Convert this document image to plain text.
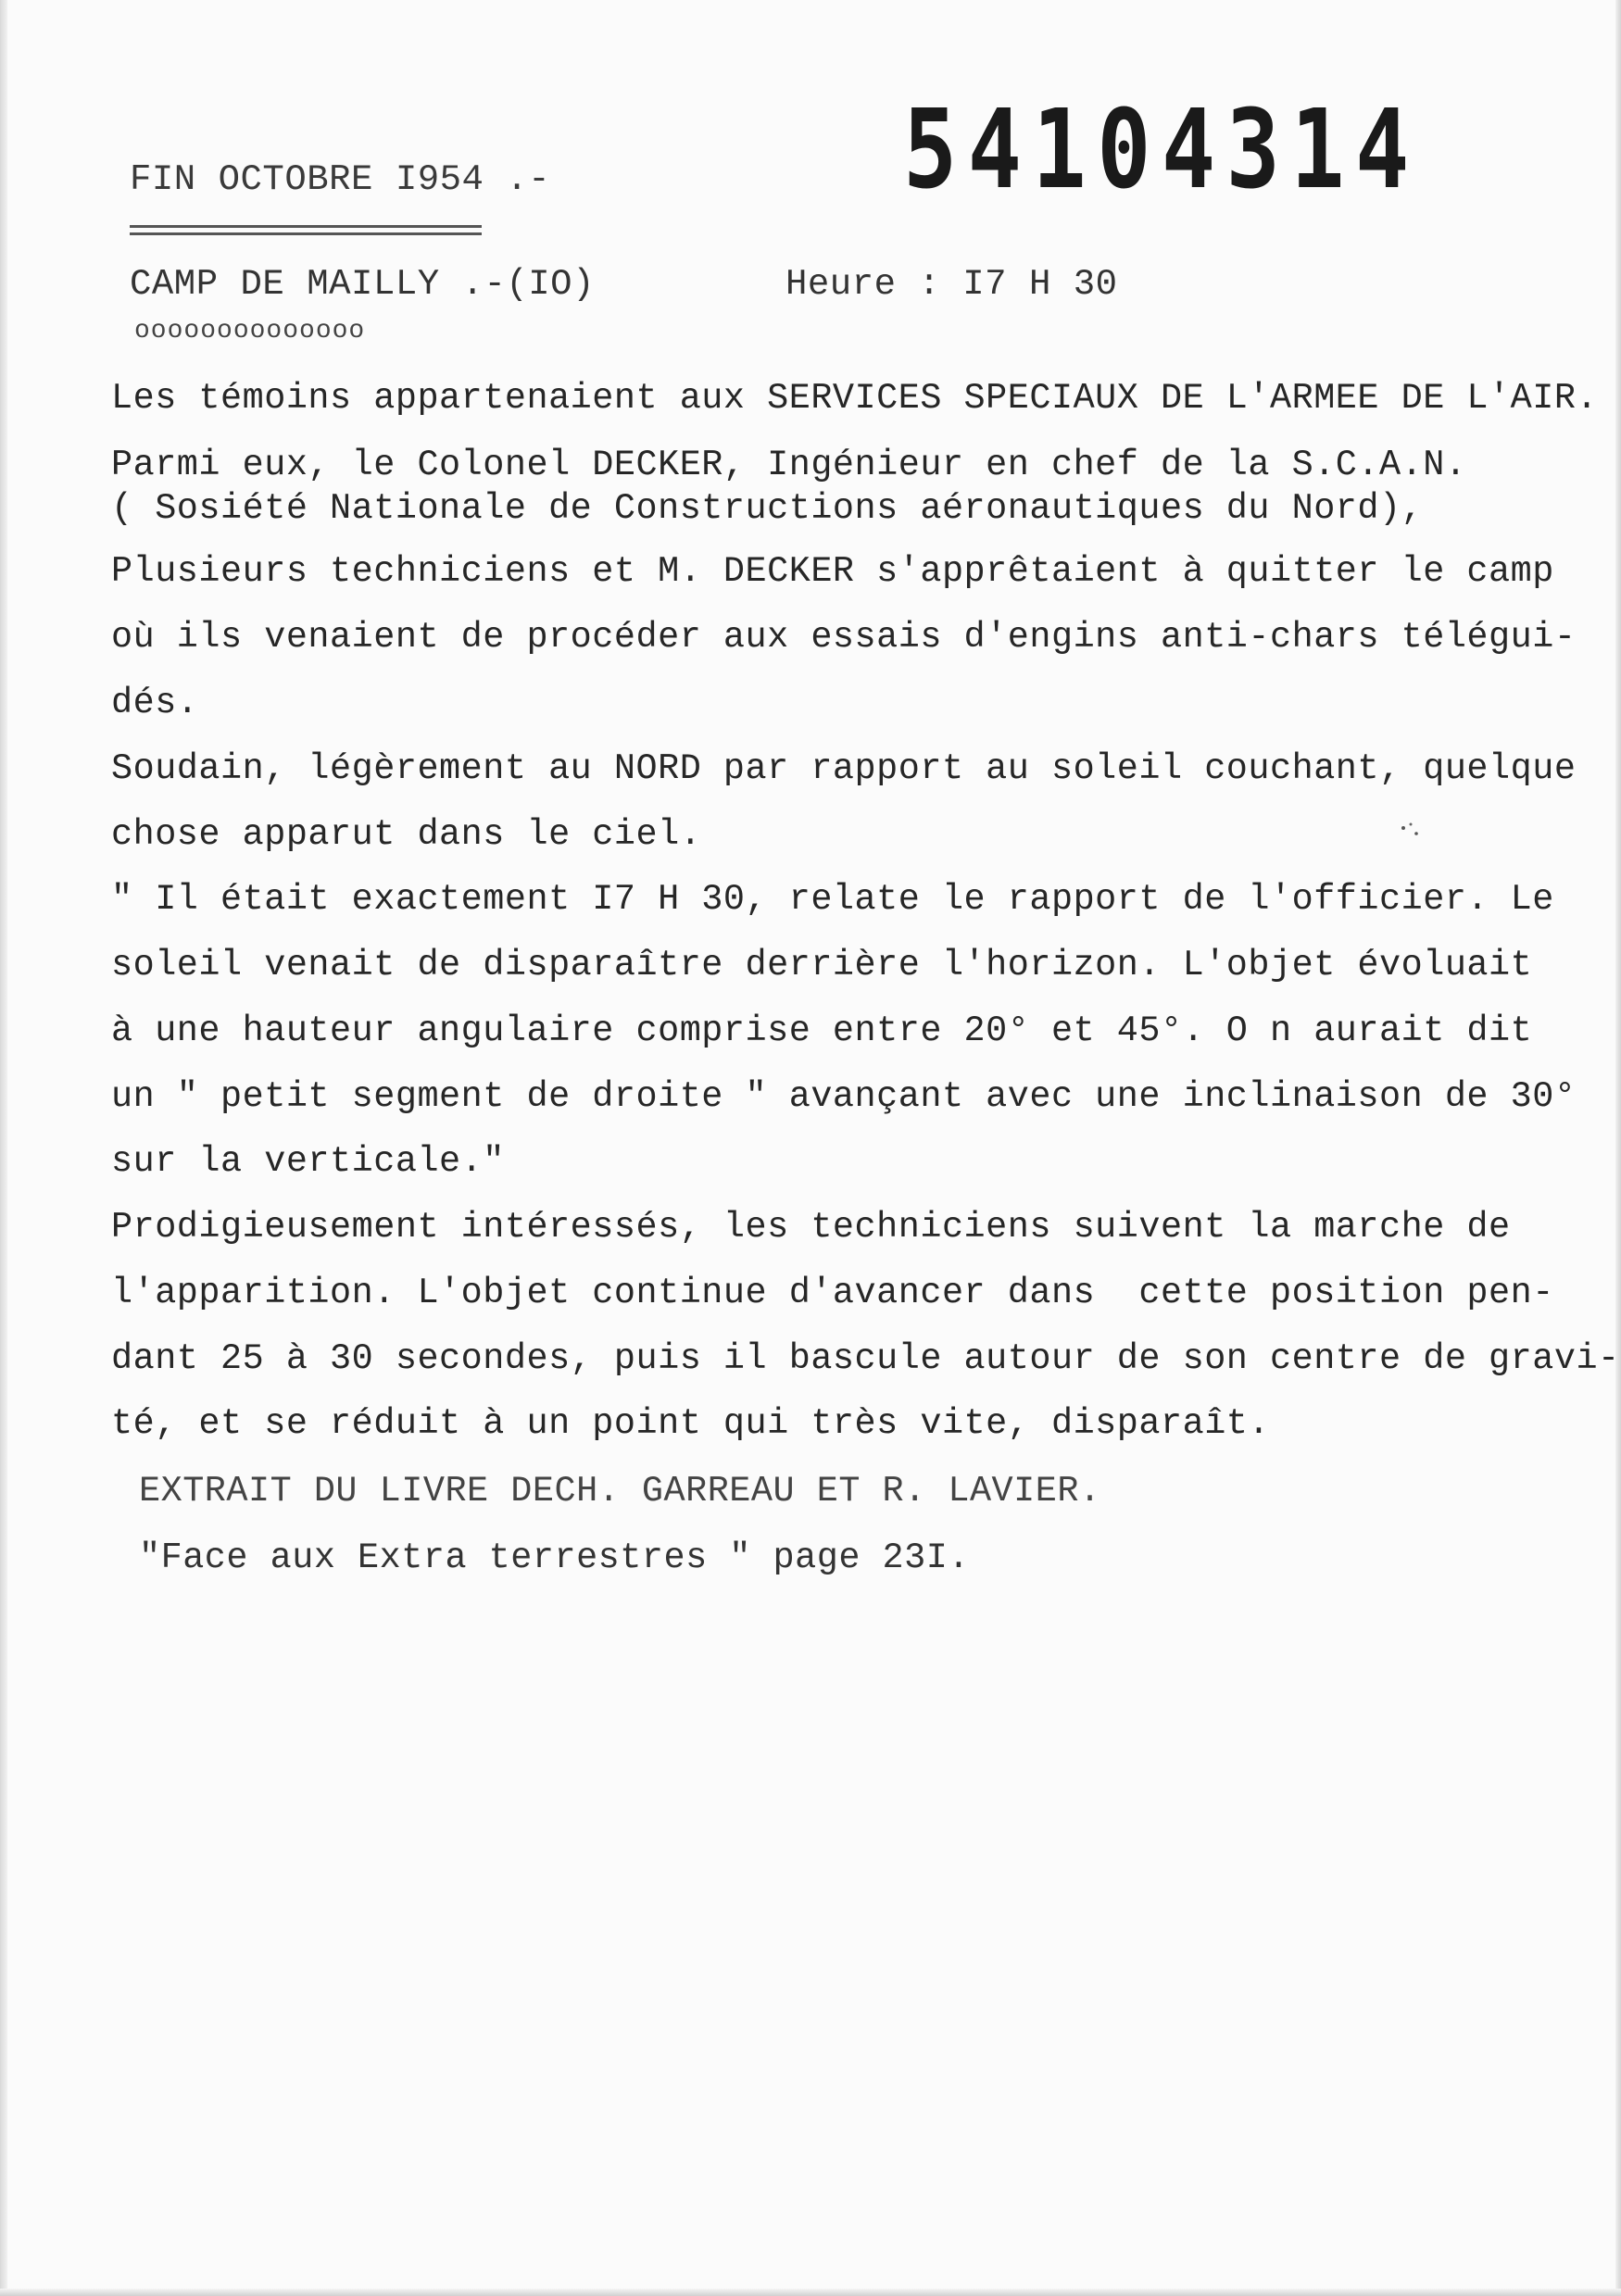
54104314
FIN OCTOBRE I954 .-
CAMP DE MAILLY .-(IO)	Heure : I7 H 30
oooooooooooooo
Les témoins appartenaient aux SERVICES SPECIAUX DE L'ARMEE DE L'AIR.
Parmi eux, le Colonel DECKER, Ingénieur en chef de la S.C.A.N.
( Sosiété Nationale de Constructions aéronautiques du Nord),
Plusieurs techniciens et M. DECKER s'apprêtaient à quitter le camp
où ils venaient de procéder aux essais d'engins anti-chars télégui-
dés.
Soudain, légèrement au NORD par rapport au soleil couchant, quelque
chose apparut dans le ciel.
" Il était exactement I7 H 30, relate le rapport de l'officier. Le
soleil venait de disparaître derrière l'horizon. L'objet évoluait
à une hauteur angulaire comprise entre 20° et 45°. O n aurait dit
un " petit segment de droite " avançant avec une inclinaison de 30°
sur la verticale."
Prodigieusement intéressés, les techniciens suivent la marche de
l'apparition. L'objet continue d'avancer dans  cette position pen-
dant 25 à 30 secondes, puis il bascule autour de son centre de gravi-
té, et se réduit à un point qui très vite, disparaît.
EXTRAIT DU LIVRE DECH. GARREAU ET R. LAVIER.
"Face aux Extra terrestres " page 23I.
